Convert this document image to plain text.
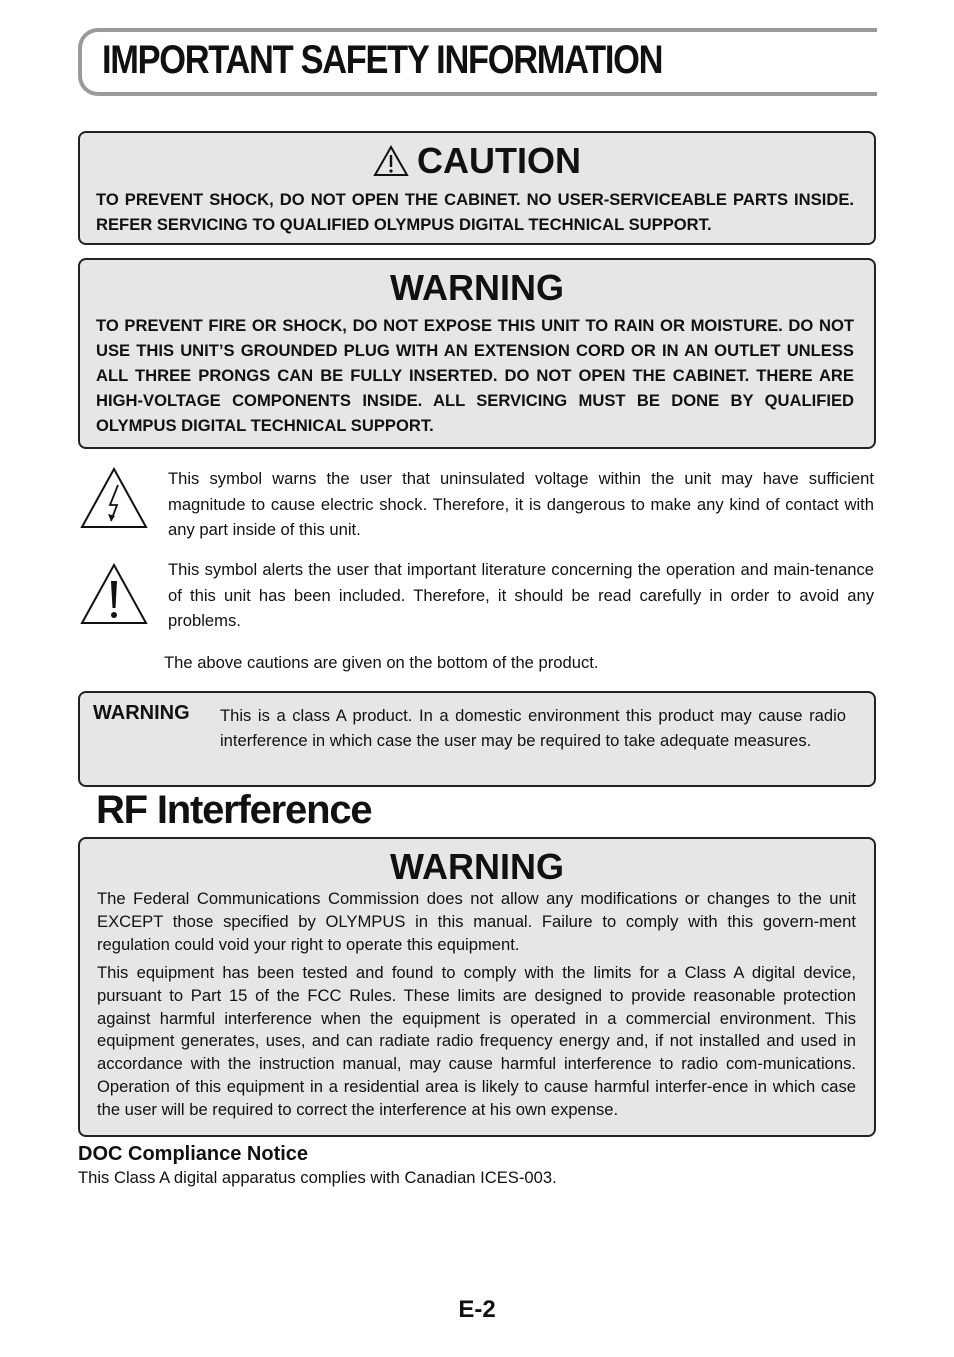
IMPORTANT SAFETY INFORMATION
CAUTION
TO PREVENT SHOCK, DO NOT OPEN THE CABINET. NO USER-SERVICEABLE PARTS INSIDE. REFER SERVICING TO QUALIFIED OLYMPUS DIGITAL TECHNICAL SUPPORT.
WARNING
TO PREVENT FIRE OR SHOCK, DO NOT EXPOSE THIS UNIT TO RAIN OR MOISTURE. DO NOT USE THIS UNIT’S GROUNDED PLUG WITH AN EXTENSION CORD OR IN AN OUTLET UNLESS ALL THREE PRONGS CAN BE FULLY INSERTED. DO NOT OPEN THE CABINET. THERE ARE HIGH-VOLTAGE COMPONENTS INSIDE. ALL SERVICING MUST BE DONE BY QUALIFIED OLYMPUS DIGITAL TECHNICAL SUPPORT.
This symbol warns the user that uninsulated voltage within the unit may have sufficient magnitude to cause electric shock. Therefore, it is dangerous to make any kind of contact with any part inside of this unit.
This symbol alerts the user that important literature concerning the operation and main-tenance of this unit has been included. Therefore, it should be read carefully in order to avoid any problems.
The above cautions are given on the bottom of the product.
WARNING This is a class A product. In a domestic environment this product may cause radio interference in which case the user may be required to take adequate measures.
RF Interference
WARNING
The Federal Communications Commission does not allow any modifications or changes to the unit EXCEPT those specified by OLYMPUS in this manual. Failure to comply with this govern-ment regulation could void your right to operate this equipment.
This equipment has been tested and found to comply with the limits for a Class A digital device, pursuant to Part 15 of the FCC Rules. These limits are designed to provide reasonable protection against harmful interference when the equipment is operated in a commercial environment. This equipment generates, uses, and can radiate radio frequency energy and, if not installed and used in accordance with the instruction manual, may cause harmful interference to radio com-munications. Operation of this equipment in a residential area is likely to cause harmful interfer-ence in which case the user will be required to correct the interference at his own expense.
DOC Compliance Notice
This Class A digital apparatus complies with Canadian ICES-003.
E-2
